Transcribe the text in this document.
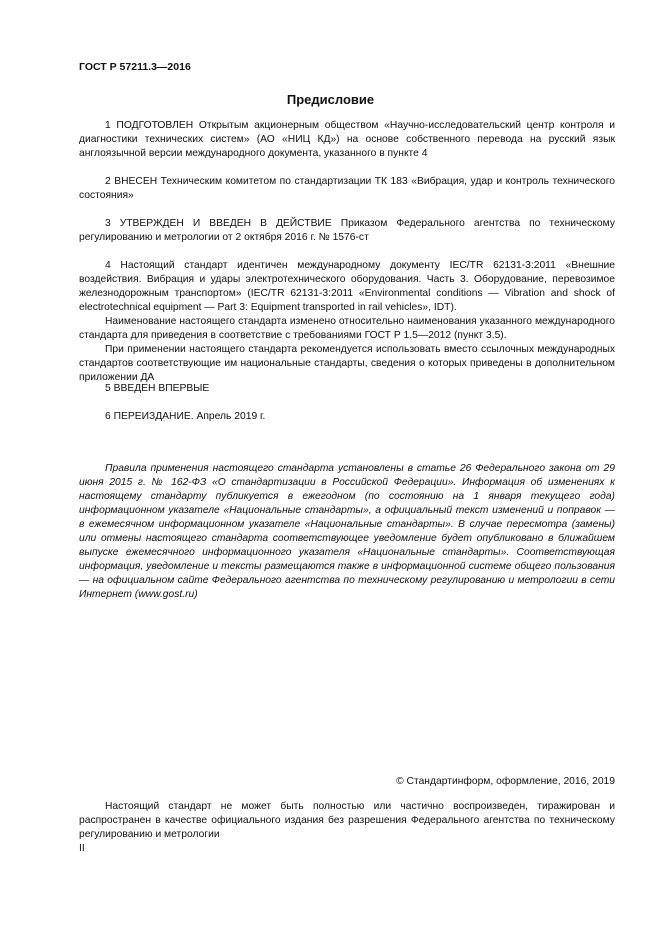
ГОСТ Р 57211.3—2016
Предисловие

1 ПОДГОТОВЛЕН Открытым акционерным обществом «Научно-исследовательский центр контроля и диагностики технических систем» (АО «НИЦ КД») на основе собственного перевода на русский язык англоязычной версии международного документа, указанного в пункте 4

2 ВНЕСЕН Техническим комитетом по стандартизации ТК 183 «Вибрация, удар и контроль технического состояния»

3 УТВЕРЖДЕН И ВВЕДЕН В ДЕЙСТВИЕ Приказом Федерального агентства по техническому регулированию и метрологии от 2 октября 2016 г. № 1576-ст

4 Настоящий стандарт идентичен международному документу IEC/TR 62131-3:2011 «Внешние воздействия. Вибрация и удары электротехнического оборудования. Часть 3. Оборудование, перевозимое железнодорожным транспортом» (IEC/TR 62131-3:2011 «Environmental conditions — Vibration and shock of electrotechnical equipment — Part 3: Equipment transported in rail vehicles», IDT).

Наименование настоящего стандарта изменено относительно наименования указанного международного стандарта для приведения в соответствие с требованиями ГОСТ Р 1.5—2012 (пункт 3.5).

При применении настоящего стандарта рекомендуется использовать вместо ссылочных международных стандартов соответствующие им национальные стандарты, сведения о которых приведены в дополнительном приложении ДА

5 ВВЕДЕН ВПЕРВЫЕ

6 ПЕРЕИЗДАНИЕ. Апрель 2019 г.

Правила применения настоящего стандарта установлены в статье 26 Федерального закона от 29 июня 2015 г. № 162-ФЗ «О стандартизации в Российской Федерации». Информация об изменениях к настоящему стандарту публикуется в ежегодном (по состоянию на 1 января текущего года) информационном указателе «Национальные стандарты», а официальный текст изменений и поправок — в ежемесячном информационном указателе «Национальные стандарты». В случае пересмотра (замены) или отмены настоящего стандарта соответствующее уведомление будет опубликовано в ближайшем выпуске ежемесячного информационного указателя «Национальные стандарты». Соответствующая информация, уведомление и тексты размещаются также в информационной системе общего пользования — на официальном сайте Федерального агентства по техническому регулированию и метрологии в сети Интернет (www.gost.ru)

© Стандартинформ, оформление, 2016, 2019

Настоящий стандарт не может быть полностью или частично воспроизведен, тиражирован и распространен в качестве официального издания без разрешения Федерального агентства по техническому регулированию и метрологии

II
